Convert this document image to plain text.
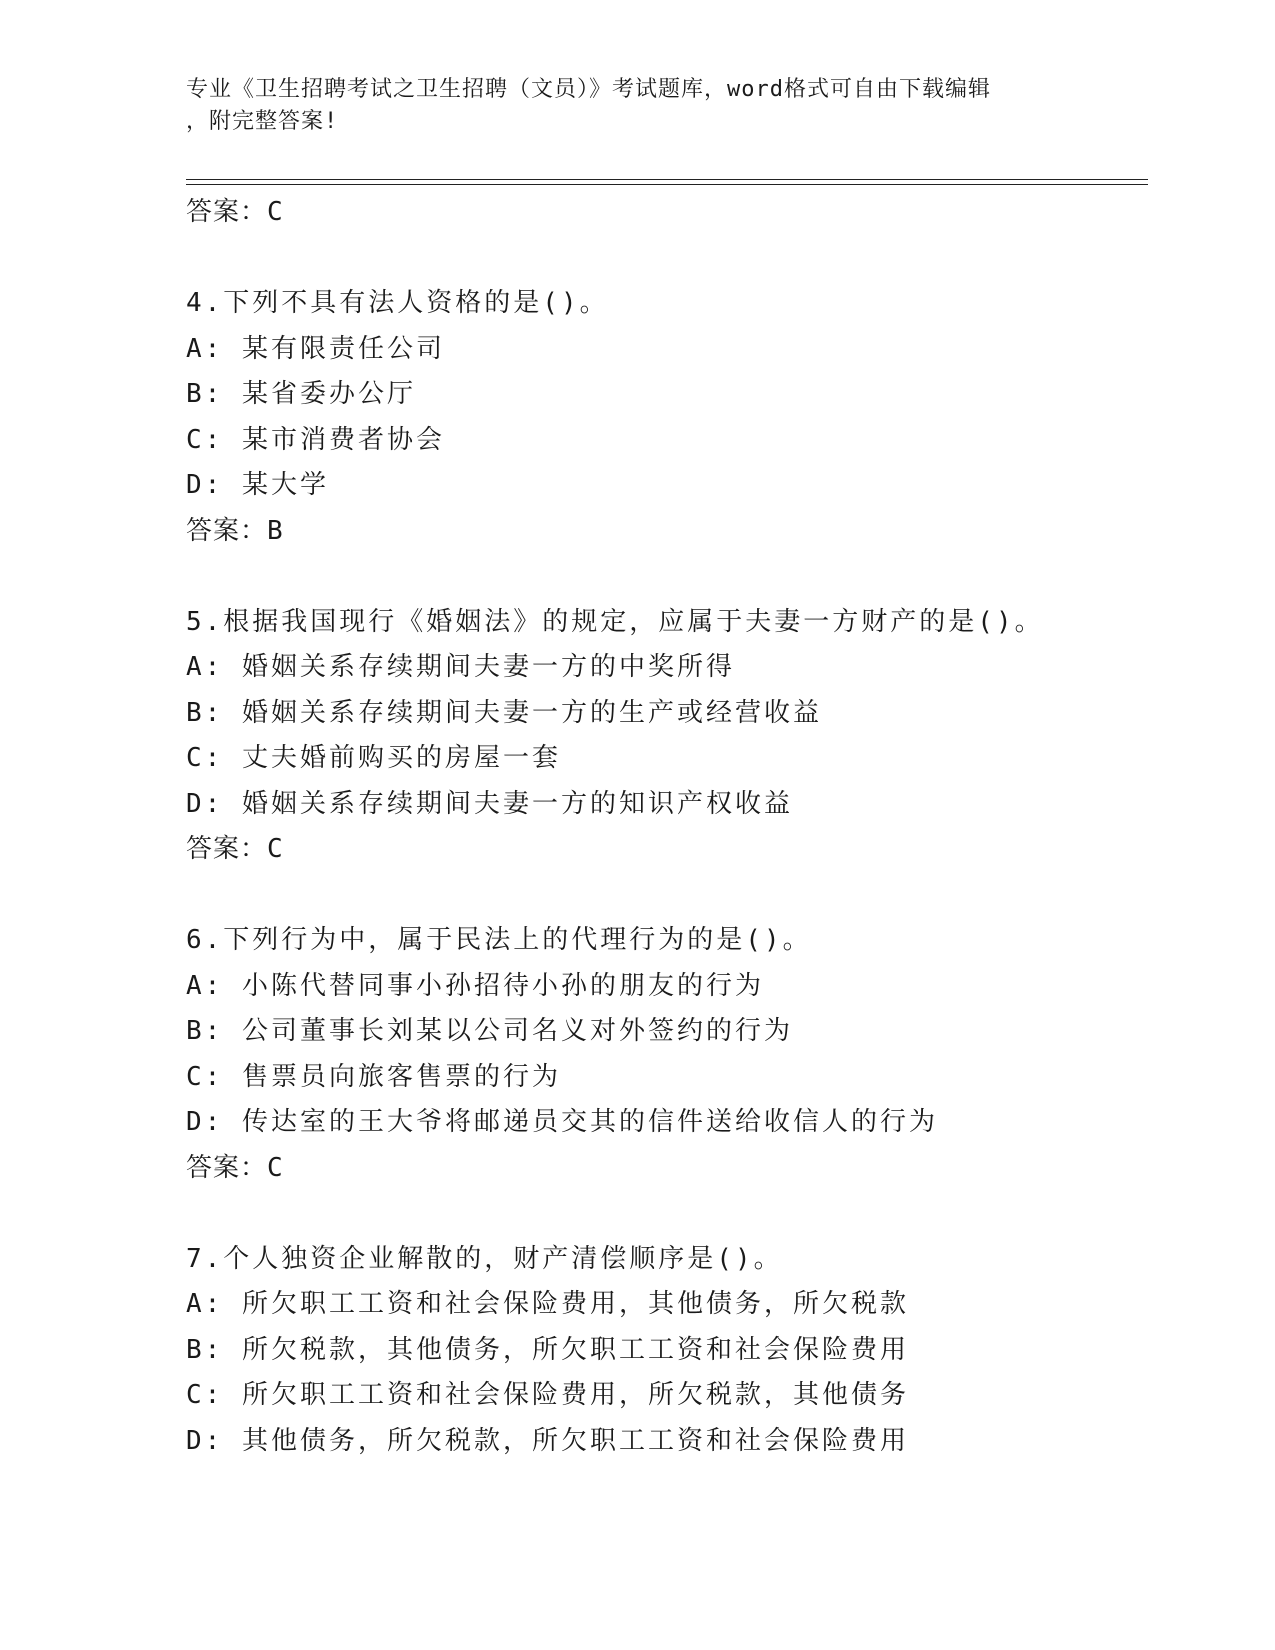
专业《卫生招聘考试之卫生招聘（文员）》考试题库，word格式可自由下载编辑
，附完整答案!
答案：C
4.下列不具有法人资格的是()。
A: 某有限责任公司
B: 某省委办公厅
C: 某市消费者协会
D: 某大学
答案：B
5.根据我国现行《婚姻法》的规定，应属于夫妻一方财产的是()。
A: 婚姻关系存续期间夫妻一方的中奖所得
B: 婚姻关系存续期间夫妻一方的生产或经营收益
C: 丈夫婚前购买的房屋一套
D: 婚姻关系存续期间夫妻一方的知识产权收益
答案：C
6.下列行为中，属于民法上的代理行为的是()。
A: 小陈代替同事小孙招待小孙的朋友的行为
B: 公司董事长刘某以公司名义对外签约的行为
C: 售票员向旅客售票的行为
D: 传达室的王大爷将邮递员交其的信件送给收信人的行为
答案：C
7.个人独资企业解散的，财产清偿顺序是()。
A: 所欠职工工资和社会保险费用，其他债务，所欠税款
B: 所欠税款，其他债务，所欠职工工资和社会保险费用
C: 所欠职工工资和社会保险费用，所欠税款，其他债务
D: 其他债务，所欠税款，所欠职工工资和社会保险费用
